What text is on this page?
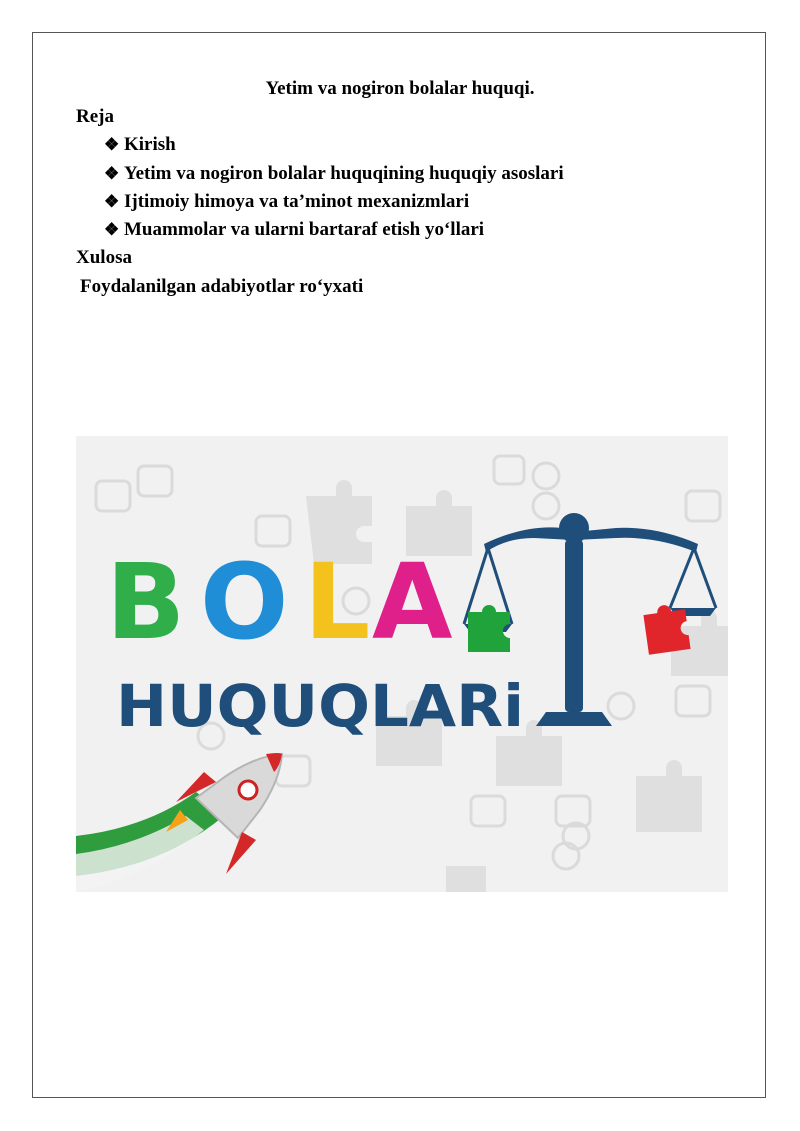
Yetim va nogiron bolalar huquqi.
Reja
❖ Kirish
❖ Yetim va nogiron bolalar huquqining huquqiy asoslari
❖ Ijtimoiy himoya va ta’minot mexanizmlari
❖ Muammolar va ularni bartaraf etish yo‘llari
Xulosa
Foydalanilgan adabiyotlar ro‘yxati
B O L A
HUQUQLARi
